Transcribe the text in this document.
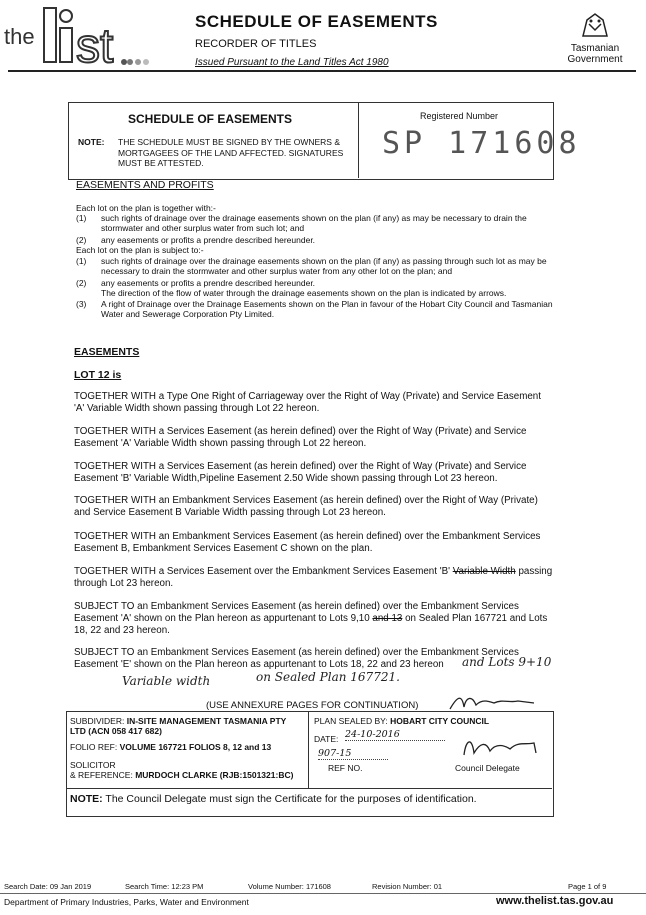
the st	SCHEDULE OF EASEMENTS
RECORDER OF TITLES
Issued Pursuant to the Land Titles Act 1980
Tasmanian
Government
SCHEDULE OF EASEMENTS
NOTE: THE SCHEDULE MUST BE SIGNED BY THE OWNERS & MORTGAGEES OF THE LAND AFFECTED. SIGNATURES MUST BE ATTESTED.
Registered Number
SP 171608
EASEMENTS AND PROFITS
Each lot on the plan is together with:-
(1) such rights of drainage over the drainage easements shown on the plan (if any) as may be necessary to drain the stormwater and other surplus water from such lot; and
(2) any easements or profits a prendre described hereunder.
Each lot on the plan is subject to:-
(1) such rights of drainage over the drainage easements shown on the plan (if any) as passing through such lot as may be necessary to drain the stormwater and other surplus water from any other lot on the plan; and
(2) any easements or profits a prendre described hereunder.
The direction of the flow of water through the drainage easements shown on the plan is indicated by arrows.
(3) A right of Drainage over the Drainage Easements shown on the Plan in favour of the Hobart City Council and Tasmanian Water and Sewerage Corporation Pty Limited.
EASEMENTS
LOT 12 is
TOGETHER WITH a Type One Right of Carriageway over the Right of Way (Private) and Service Easement 'A' Variable Width shown passing through Lot 22 hereon.
TOGETHER WITH a Services Easement (as herein defined) over the Right of Way (Private) and Service Easement 'A' Variable Width shown passing through Lot 22 hereon.
TOGETHER WITH a Services Easement (as herein defined) over the Right of Way (Private) and Service Easement 'B' Variable Width,Pipeline Easement 2.50 Wide shown passing through Lot 23 hereon.
TOGETHER WITH an Embankment Services Easement (as herein defined) over the Right of Way (Private) and Service Easement B Variable Width passing through Lot 23 hereon.
TOGETHER WITH an Embankment Services Easement (as herein defined) over the Embankment Services Easement B, Embankment Services Easement C shown on the plan.
TOGETHER WITH a Services Easement over the Embankment Services Easement 'B' Variable Width passing through Lot 23 hereon.
SUBJECT TO an Embankment Services Easement (as herein defined) over the Embankment Services Easement 'A' shown on the Plan hereon as appurtenant to Lots 9,10 and 13 on Sealed Plan 167721 and Lots 18, 22 and 23 hereon.
SUBJECT TO an Embankment Services Easement (as herein defined) over the Embankment Services
Easement 'E' shown on the Plan hereon as appurtenant to Lots 18, 22 and 23 hereon	and Lots 9+10
Variable width	on Sealed Plan 167721.
(USE ANNEXURE PAGES FOR CONTINUATION)
SUBDIVIDER: IN-SITE MANAGEMENT TASMANIA PTY LTD (ACN 058 417 682)
FOLIO REF: VOLUME 167721 FOLIOS 8, 12 and 13
SOLICITOR
& REFERENCE: MURDOCH CLARKE (RJB:1501321:BC)
PLAN SEALED BY: HOBART CITY COUNCIL
DATE: 24-10-2016
907-15
REF NO.	Council Delegate
NOTE: The Council Delegate must sign the Certificate for the purposes of identification.
Search Date: 09 Jan 2019	Search Time: 12:23 PM	Volume Number: 171608	Revision Number: 01	Page 1 of 9
Department of Primary Industries, Parks, Water and Environment	www.thelist.tas.gov.au
